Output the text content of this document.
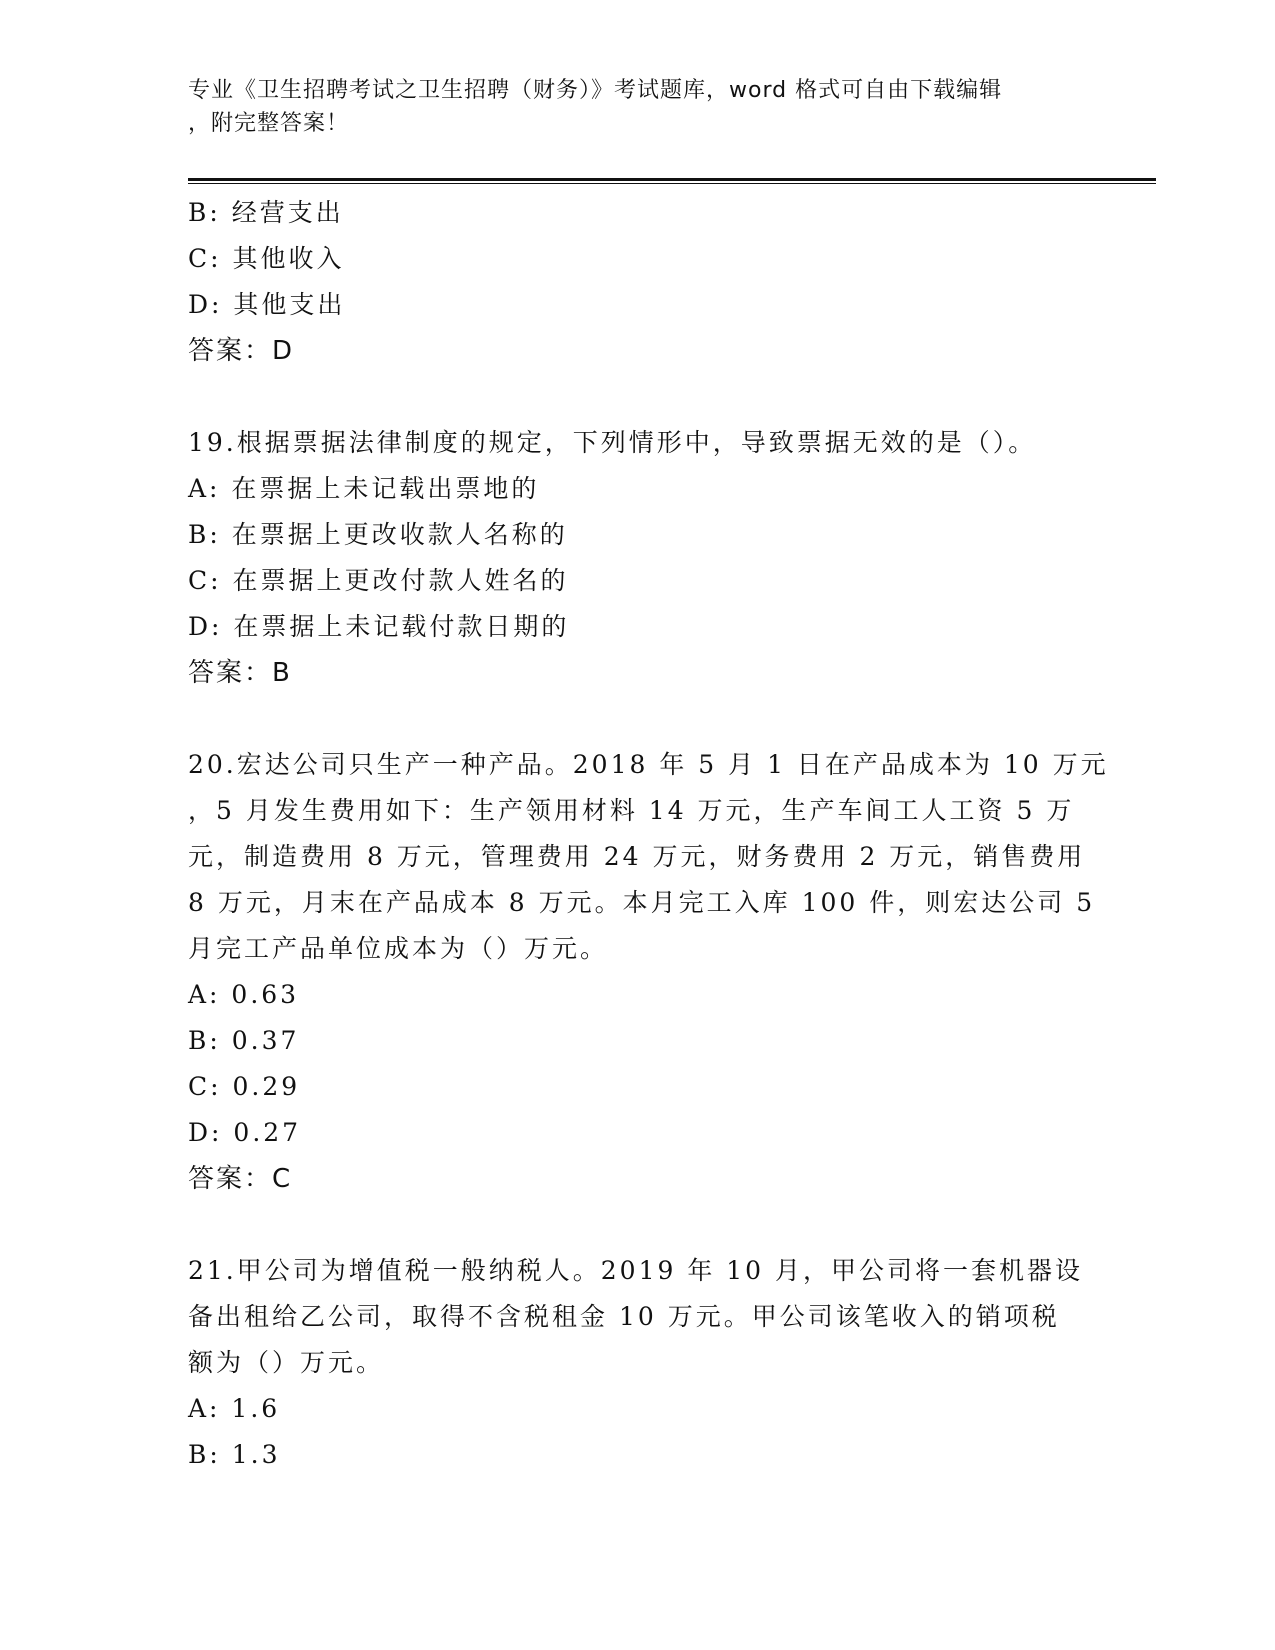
专业《卫生招聘考试之卫生招聘（财务）》考试题库，word 格式可自由下载编辑
，附完整答案！
B: 经营支出
C: 其他收入
D: 其他支出
答案：D
19.根据票据法律制度的规定，下列情形中，导致票据无效的是（）。
A: 在票据上未记载出票地的
B: 在票据上更改收款人名称的
C: 在票据上更改付款人姓名的
D: 在票据上未记载付款日期的
答案：B
20.宏达公司只生产一种产品。2018 年 5 月 1 日在产品成本为 10 万元
，5 月发生费用如下：生产领用材料 14 万元，生产车间工人工资 5 万
元，制造费用 8 万元，管理费用 24 万元，财务费用 2 万元，销售费用
8 万元，月末在产品成本 8 万元。本月完工入库 100 件，则宏达公司 5
月完工产品单位成本为（）万元。
A: 0.63
B: 0.37
C: 0.29
D: 0.27
答案：C
21.甲公司为增值税一般纳税人。2019 年 10 月，甲公司将一套机器设
备出租给乙公司，取得不含税租金 10 万元。甲公司该笔收入的销项税
额为（）万元。
A: 1.6
B: 1.3
